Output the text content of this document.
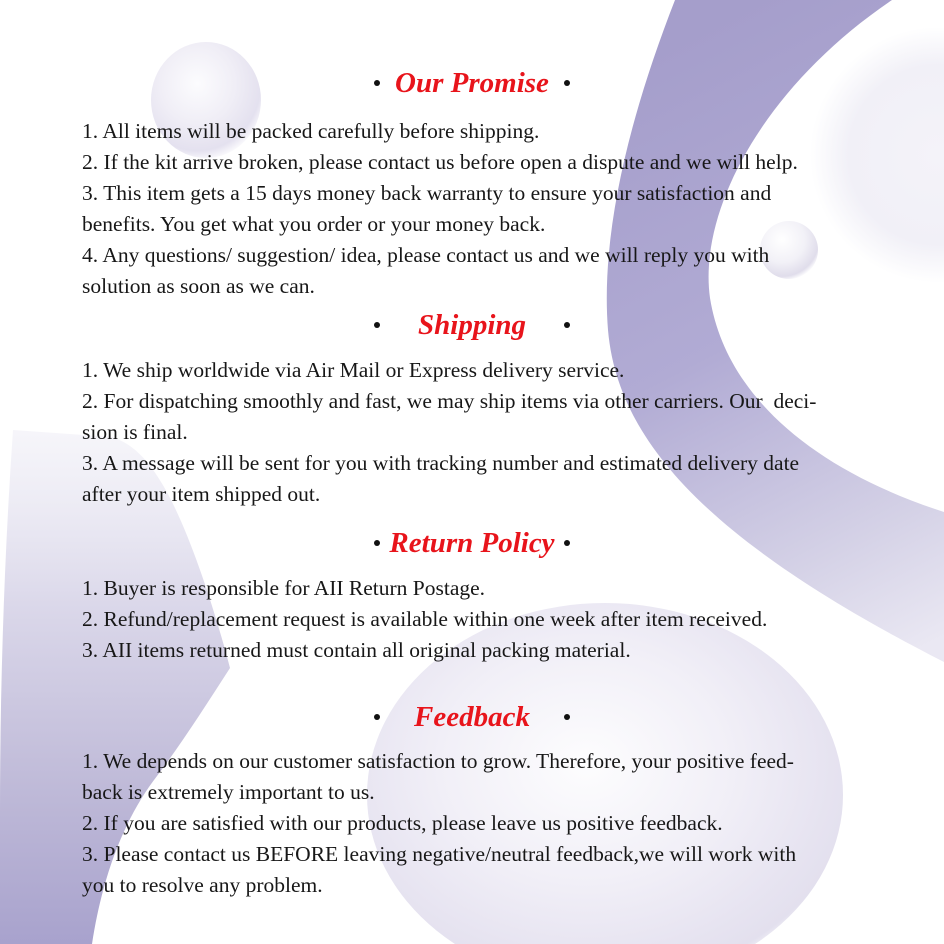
Our Promise
1. All items will be packed carefully before shipping.
2. If the kit arrive broken, please contact us before open a dispute and we will help.
3. This item gets a 15 days money back warranty to ensure your satisfaction and
benefits. You get what you order or your money back.
4. Any questions/ suggestion/ idea, please contact us and we will reply you with
solution as soon as we can.
Shipping
1. We ship worldwide via Air Mail or Express delivery service.
2. For dispatching smoothly and fast, we may ship items via other carriers. Our  deci-
sion is final.
3. A message will be sent for you with tracking number and estimated delivery date
after your item shipped out.
Return Policy
1. Buyer is responsible for AII Return Postage.
2. Refund/replacement request is available within one week after item received.
3. AII items returned must contain all original packing material.
Feedback
1. We depends on our customer satisfaction to grow. Therefore, your positive feed-
back is extremely important to us.
2. If you are satisfied with our products, please leave us positive feedback.
3. Please contact us BEFORE leaving negative/neutral feedback,we will work with
you to resolve any problem.
